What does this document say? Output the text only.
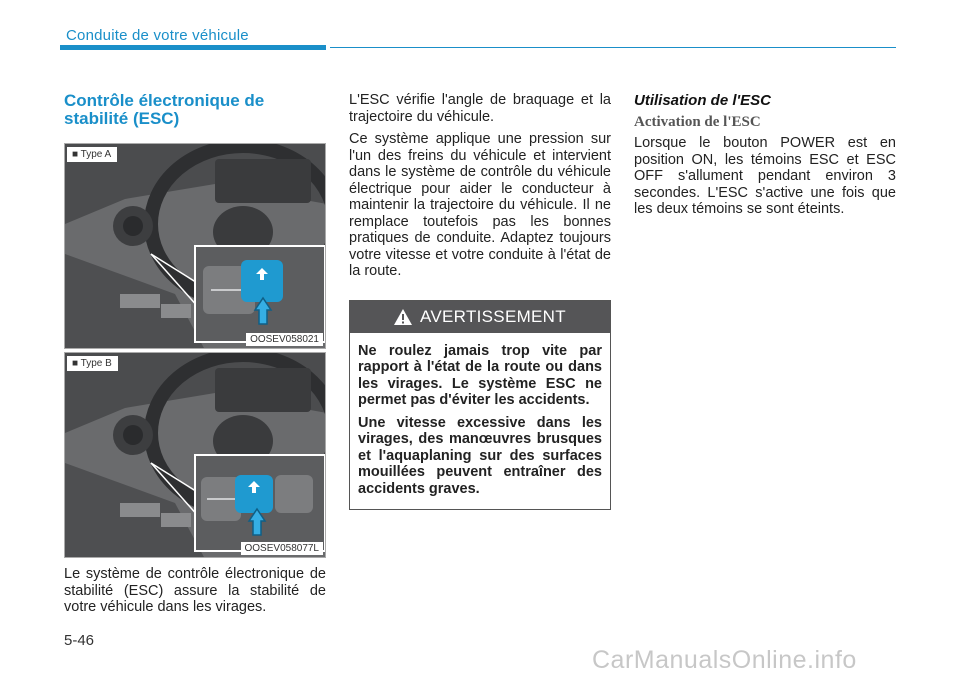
Conduite de votre véhicule
Contrôle électronique de
stabilité (ESC)
■ Type A
OOSEV058021
■ Type B
OOSEV058077L
Le système de contrôle électronique de stabilité (ESC) assure la stabilité de votre véhicule dans les virages.

L'ESC vérifie l'angle de braquage et la trajectoire du véhicule.

Ce système applique une pression sur l'un des freins du véhicule et intervient dans le système de contrôle du véhicule électrique pour aider le conducteur à maintenir la trajectoire du véhicule. Il ne remplace toutefois pas les bonnes pratiques de conduite. Adaptez toujours votre vitesse et votre conduite à l'état de la route.

AVERTISSEMENT

Ne roulez jamais trop vite par rapport à l'état de la route ou dans les virages. Le système ESC ne permet pas d'éviter les accidents.

Une vitesse excessive dans les virages, des manœuvres brusques et l'aquaplaning sur des surfaces mouillées peuvent entraîner des accidents graves.

Utilisation de l'ESC
Activation de l'ESC

Lorsque le bouton POWER est en position ON, les témoins ESC et ESC OFF s'allument pendant environ 3 secondes. L'ESC s'active une fois que les deux témoins se sont éteints.

5-46
CarManualsOnline.info
